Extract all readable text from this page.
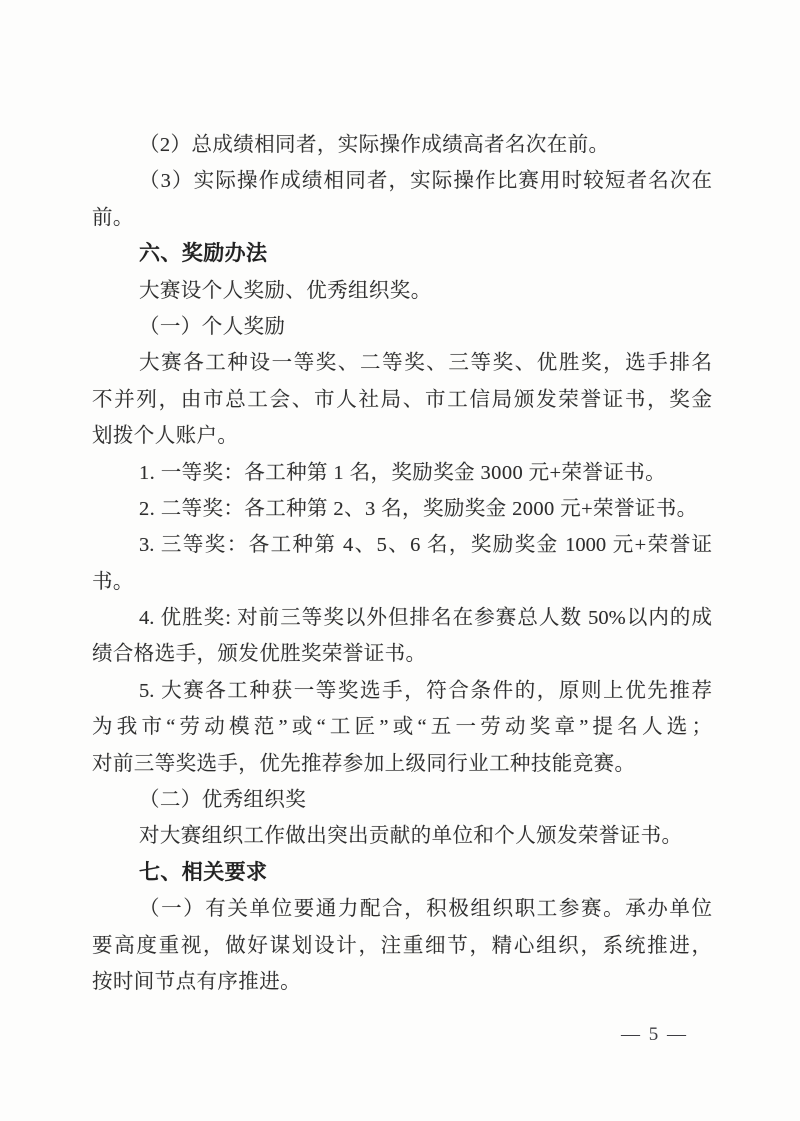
（2）总成绩相同者，实际操作成绩高者名次在前。
（3）实际操作成绩相同者，实际操作比赛用时较短者名次在
前。
六、奖励办法
大赛设个人奖励、优秀组织奖。
（一）个人奖励
大赛各工种设一等奖、二等奖、三等奖、优胜奖，选手排名
不并列，由市总工会、市人社局、市工信局颁发荣誉证书，奖金
划拨个人账户。
1. 一等奖：各工种第 1 名，奖励奖金 3000 元+荣誉证书。
2. 二等奖：各工种第 2、3 名，奖励奖金 2000 元+荣誉证书。
3. 三等奖：各工种第 4、5、6 名，奖励奖金 1000 元+荣誉证
书。
4. 优胜奖: 对前三等奖以外但排名在参赛总人数 50%以内的成
绩合格选手，颁发优胜奖荣誉证书。
5. 大赛各工种获一等奖选手，符合条件的，原则上优先推荐
为我市“劳动模范”或“工匠”或“五一劳动奖章”提名人选；
对前三等奖选手，优先推荐参加上级同行业工种技能竞赛。
（二）优秀组织奖
对大赛组织工作做出突出贡献的单位和个人颁发荣誉证书。
七、相关要求
（一）有关单位要通力配合，积极组织职工参赛。承办单位
要高度重视，做好谋划设计，注重细节，精心组织，系统推进，
按时间节点有序推进。
— 5 —
